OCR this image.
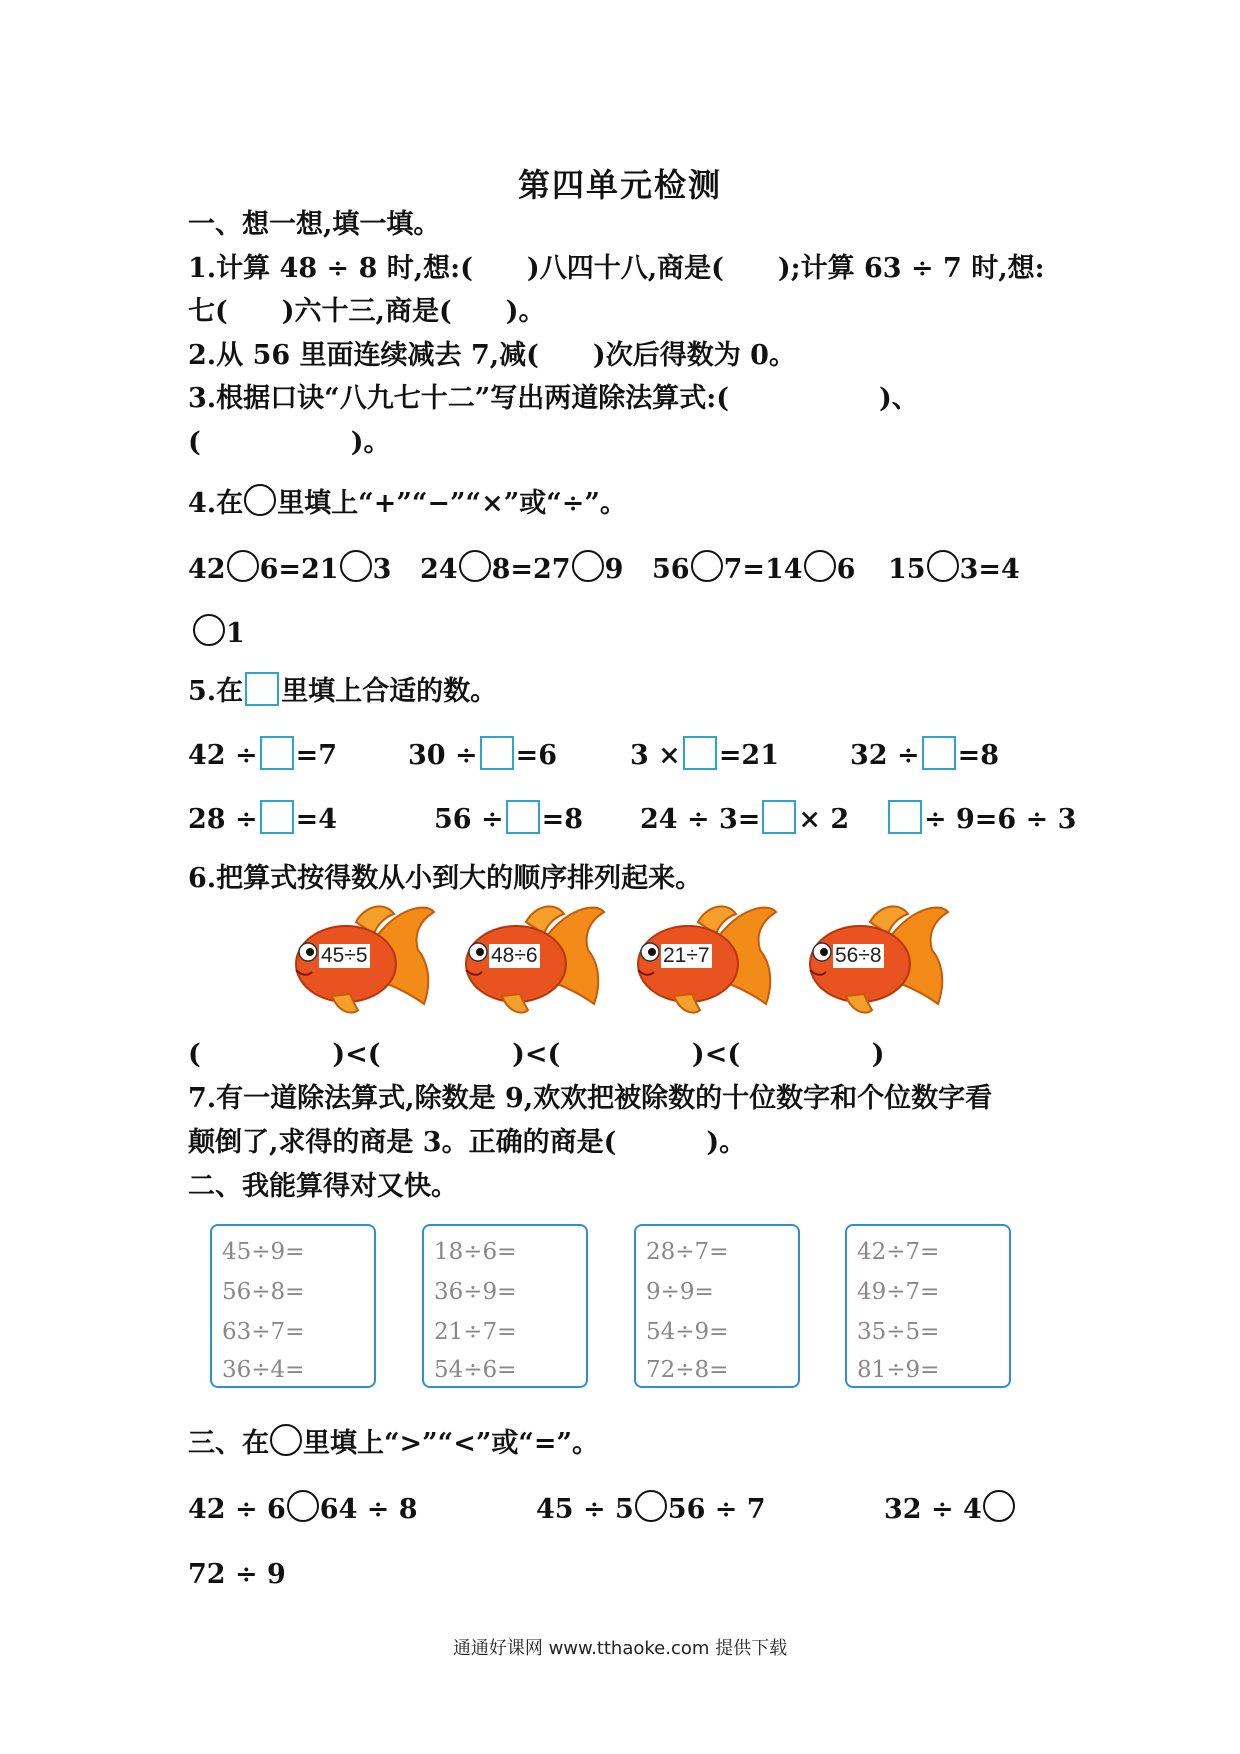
第四单元检测
一、想一想,填一填。
1.计算 48 ÷ 8 时,想:( )八四十八,商是( );计算 63 ÷ 7 时,想:
七( )六十三,商是( )。
2.从 56 里面连续减去 7,减( )次后得数为 0。
3.根据口诀“八九七十二”写出两道除法算式:(	)、
(	)。
4.在 里填上“+”“−”“×”或“÷”。
42 6=21 3 24 8=27 9 56 7=14 6 15 3=4
1
5.在 里填上合适的数。
42 ÷ =7	30 ÷ =6	3 × =21	32 ÷ =8
28 ÷ =4	56 ÷ =8 24 ÷ 3= × 2	÷ 9=6 ÷ 3
6.把算式按得数从小到大的顺序排列起来。
45÷5	48÷6	21÷7	56÷8
(              )<(              )<(              )<(              )
7.有一道除法算式,除数是 9,欢欢把被除数的十位数字和个位数字看
颠倒了,求得的商是 3。正确的商是(	)。
二、我能算得对又快。
45÷9=
56÷8=
63÷7=
36÷4=
18÷6=
36÷9=
21÷7=
54÷6=
28÷7=
9÷9=
54÷9=
72÷8=
42÷7=
49÷7=
35÷5=
81÷9=
三、在 里填上“>”“<”或“=”。
42 ÷ 6 64 ÷ 8	45 ÷ 5 56 ÷ 7	32 ÷ 4
72 ÷ 9
通通好课网 www.tthaoke.com 提供下载
